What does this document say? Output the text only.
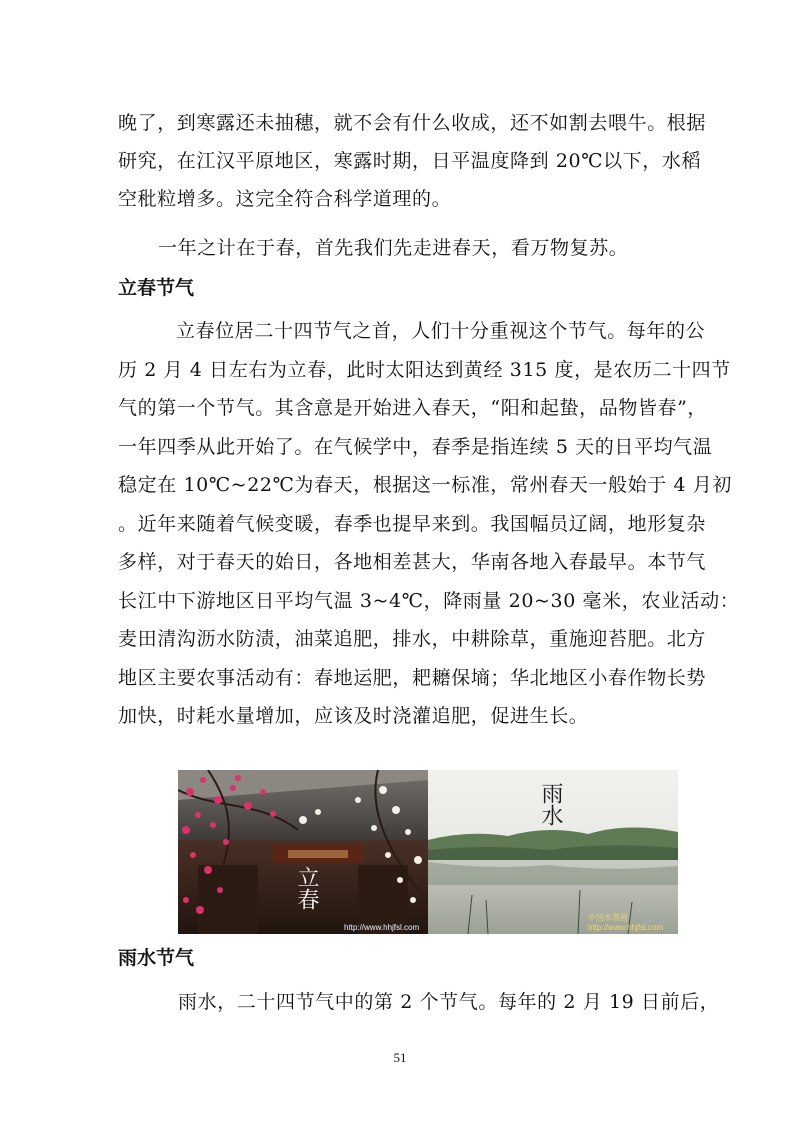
晚了，到寒露还未抽穗，就不会有什么收成，还不如割去喂牛。根据
研究，在江汉平原地区，寒露时期，日平温度降到 20℃以下，水稻
空秕粒增多。这完全符合科学道理的。
一年之计在于春，首先我们先走进春天，看万物复苏。
立春节气
立春位居二十四节气之首，人们十分重视这个节气。每年的公
历 2 月 4 日左右为立春，此时太阳达到黄经 315 度，是农历二十四节
气的第一个节气。其含意是开始进入春天，“阳和起蛰，品物皆春”，
一年四季从此开始了。在气候学中，春季是指连续 5 天的日平均气温
稳定在 10℃~22℃为春天，根据这一标准，常州春天一般始于 4 月初
。近年来随着气候变暖，春季也提早来到。我国幅员辽阔，地形复杂
多样，对于春天的始日，各地相差甚大，华南各地入春最早。本节气
长江中下游地区日平均气温 3~4℃，降雨量 20~30 毫米，农业活动：
麦田清沟沥水防渍，油菜追肥，排水，中耕除草，重施迎苔肥。北方
地区主要农事活动有：春地运肥，耙耱保墒；华北地区小春作物长势
加快，时耗水量增加，应该及时浇灌追肥，促进生长。
立春
http://www.hhjfsl.com
雨水
中国水墨画 http://www.hhjfsl.com
雨水节气
雨水，二十四节气中的第 2 个节气。每年的 2 月 19 日前后，
51
